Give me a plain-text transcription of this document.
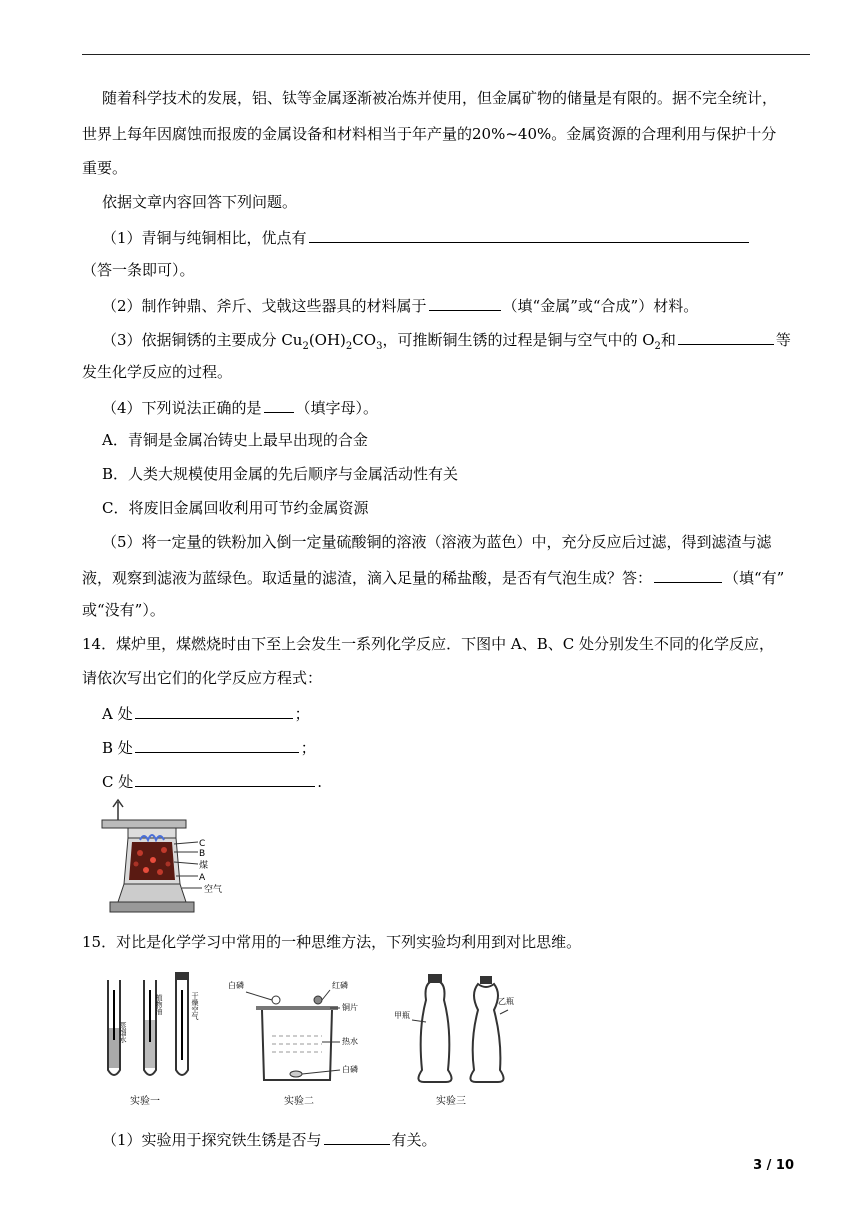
随着科学技术的发展，铝、钛等金属逐渐被冶炼并使用，但金属矿物的储量是有限的。据不完全统计，
世界上每年因腐蚀而报废的金属设备和材料相当于年产量的20%~40%。金属资源的合理利用与保护十分
重要。
依据文章内容回答下列问题。
（1）青铜与纯铜相比，优点有
（答一条即可）。
（2）制作钟鼎、斧斤、戈戟这些器具的材料属于	（填“金属”或“合成”）材料。
（3）依据铜锈的主要成分 $Cu_2(OH)_2CO_3$，可推断铜生锈的过程是铜与空气中的 $O_2$和	等
发生化学反应的过程。
（4）下列说法正确的是 （填字母）。
A．青铜是金属冶铸史上最早出现的合金
B．人类大规模使用金属的先后顺序与金属活动性有关
C．将废旧金属回收利用可节约金属资源
（5）将一定量的铁粉加入倒一定量硫酸铜的溶液（溶液为蓝色）中，充分反应后过滤，得到滤渣与滤
液，观察到滤液为蓝绿色。取适量的滤渣，滴入足量的稀盐酸，是否有气泡生成？答：	（填“有”
或“没有”）。
14．煤炉里，煤燃烧时由下至上会发生一系列化学反应．下图中 A、B、C 处分别发生不同的化学反应，
请依次写出它们的化学反应方程式：
A 处	；
B 处	；
C 处	.
C
B
煤
A
空气
15．对比是化学学习中常用的一种思维方法，下列实验均利用到对比思维。
蒸馏水
植物油	干燥空气
实验一
白磷	红磷
铜片
热水
白磷
实验二
甲瓶
乙瓶
实验三
（1）实验用于探究铁生锈是否与	有关。
3 / 10
